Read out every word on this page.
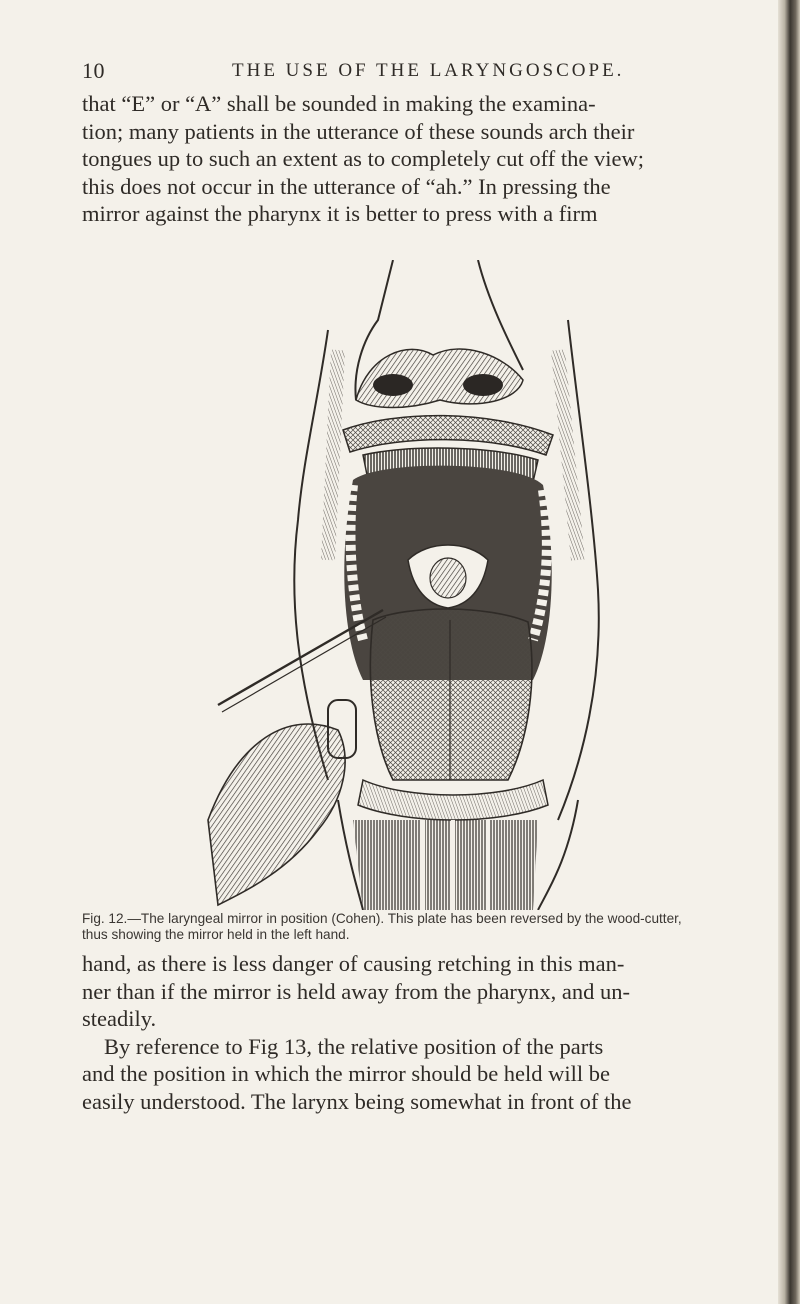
10	THE USE OF THE LARYNGOSCOPE.

that “E” or “A” shall be sounded in making the examina-
tion; many patients in the utterance of these sounds arch their
tongues up to such an extent as to completely cut off the view;
this does not occur in the utterance of “ah.” In pressing the
mirror against the pharynx it is better to press with a firm

Fig. 12.—The laryngeal mirror in position (Cohen). This plate has been reversed by the wood-cutter,
thus showing the mirror held in the left hand.

hand, as there is less danger of causing retching in this man-
ner than if the mirror is held away from the pharynx, and un-
steadily.
By reference to Fig 13, the relative position of the parts
and the position in which the mirror should be held will be
easily understood. The larynx being somewhat in front of the
